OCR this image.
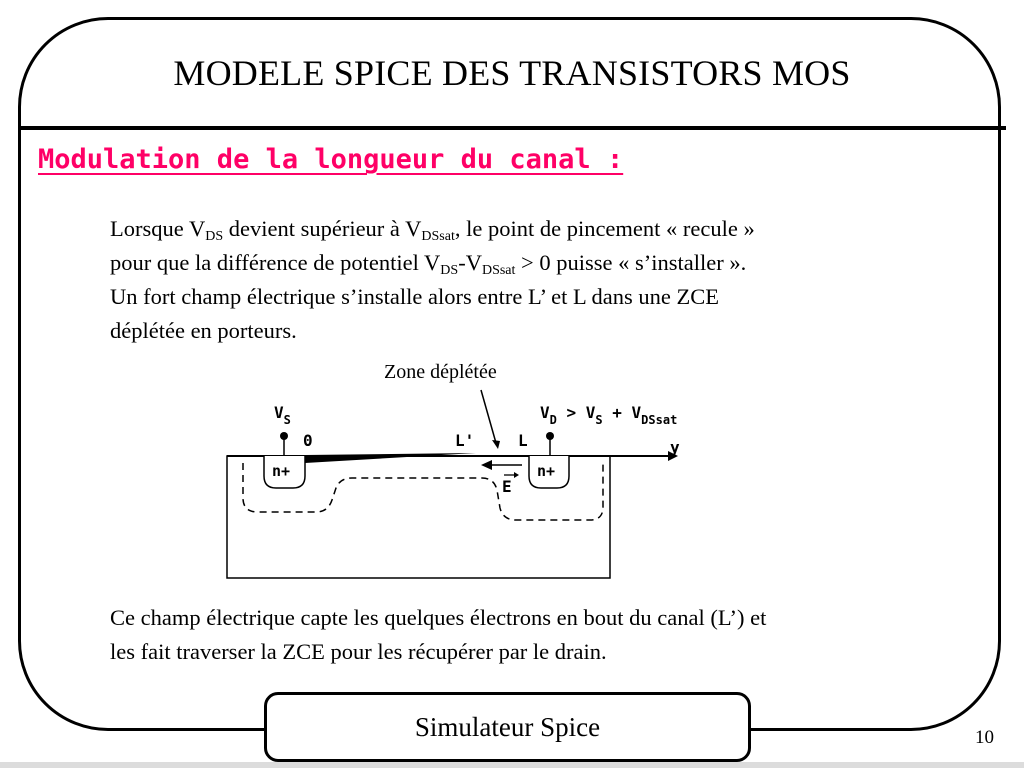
MODELE SPICE DES TRANSISTORS MOS
Modulation de la longueur du canal :
Lorsque $V_{DS}$ devient supérieur à $V_{DSsat}$, le point de pincement « recule »
pour que la différence de potentiel $V_{DS}-V_{DSsat} > 0$ puisse « s’installer ».
Un fort champ électrique s’installe alors entre L’ et L dans une ZCE
déplétée en porteurs.
Zone déplétée
$V_S$
0	L'	L
$V_D > V_S + V_{DSsat}$
y
n+	n+
E
Ce champ électrique capte les quelques électrons en bout du canal (L’) et
les fait traverser la ZCE pour les récupérer par le drain.
Simulateur Spice	10
